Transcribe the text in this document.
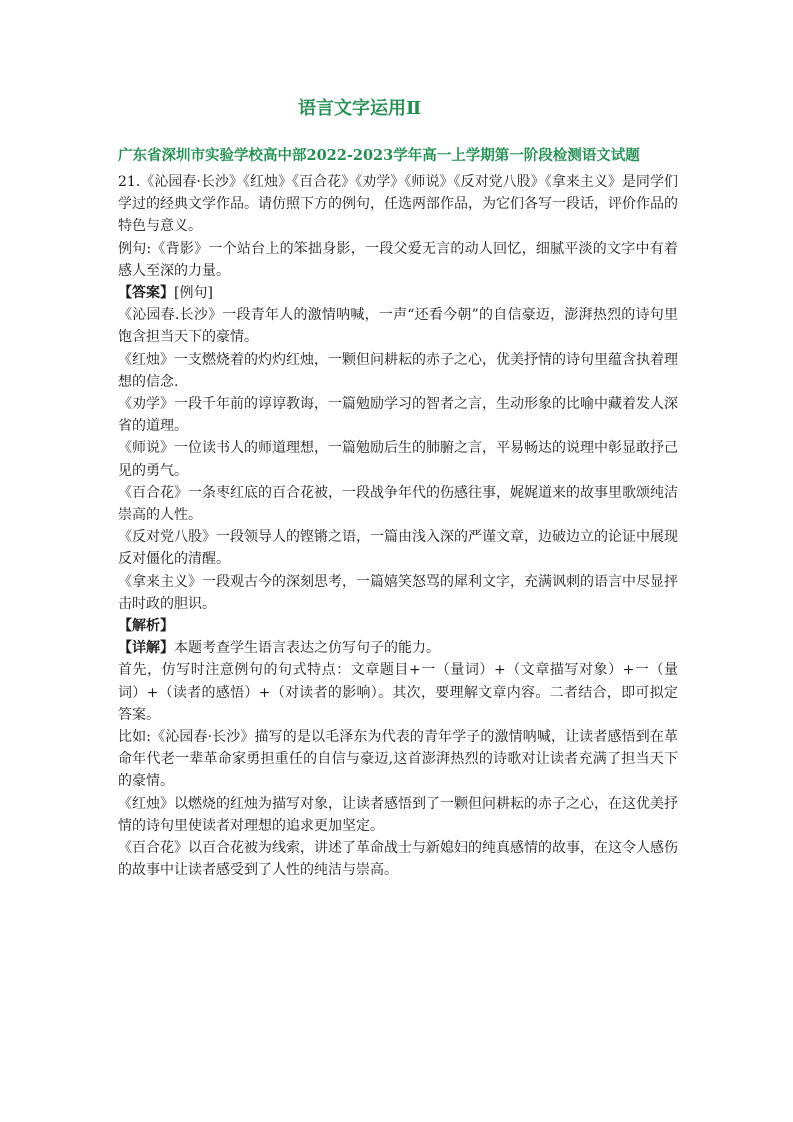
语言文字运用Ⅱ
广东省深圳市实验学校高中部2022-2023学年高一上学期第一阶段检测语文试题

21.《沁园春·长沙》《红烛》《百合花》《劝学》《师说》《反对党八股》《拿来主义》是同学们学过的经典文学作品。请仿照下方的例句，任选两部作品，为它们各写一段话，评价作品的特色与意义。

例句:《背影》一个站台上的笨拙身影，一段父爱无言的动人回忆，细腻平淡的文字中有着感人至深的力量。

【答案】[例句]

《沁园春.长沙》一段青年人的激情呐喊，一声“还看今朝”的自信豪迈，澎湃热烈的诗句里饱含担当天下的豪情。

《红烛》一支燃烧着的灼灼红烛，一颗但问耕耘的赤子之心，优美抒情的诗句里蕴含执着理想的信念.

《劝学》一段千年前的谆谆教诲，一篇勉励学习的智者之言，生动形象的比喻中藏着发人深省的道理。

《师说》一位读书人的师道理想，一篇勉励后生的肺腑之言，平易畅达的说理中彰显敢抒己见的勇气。

《百合花》一条枣红底的百合花被，一段战争年代的伤感往事，娓娓道来的故事里歌颂纯洁崇高的人性。

《反对党八股》一段领导人的铿锵之语，一篇由浅入深的严谨文章，边破边立的论证中展现反对僵化的清醒。

《拿来主义》一段观古今的深刻思考，一篇嬉笑怒骂的犀利文字，充满讽刺的语言中尽显抨击时政的胆识。

【解析】

【详解】本题考查学生语言表达之仿写句子的能力。

首先，仿写时注意例句的句式特点：文章题目+一（量词）+（文章描写对象）+一（量词）+（读者的感悟）+（对读者的影响）。其次，要理解文章内容。二者结合，即可拟定答案。

比如:《沁园春·长沙》描写的是以毛泽东为代表的青年学子的激情呐喊，让读者感悟到在革命年代老一辈革命家勇担重任的自信与豪迈,这首澎湃热烈的诗歌对让读者充满了担当天下的豪情。

《红烛》以燃烧的红烛为描写对象，让读者感悟到了一颗但问耕耘的赤子之心，在这优美抒情的诗句里使读者对理想的追求更加坚定。

《百合花》以百合花被为线索，讲述了革命战士与新媳妇的纯真感情的故事，在这令人感伤的故事中让读者感受到了人性的纯洁与崇高。
